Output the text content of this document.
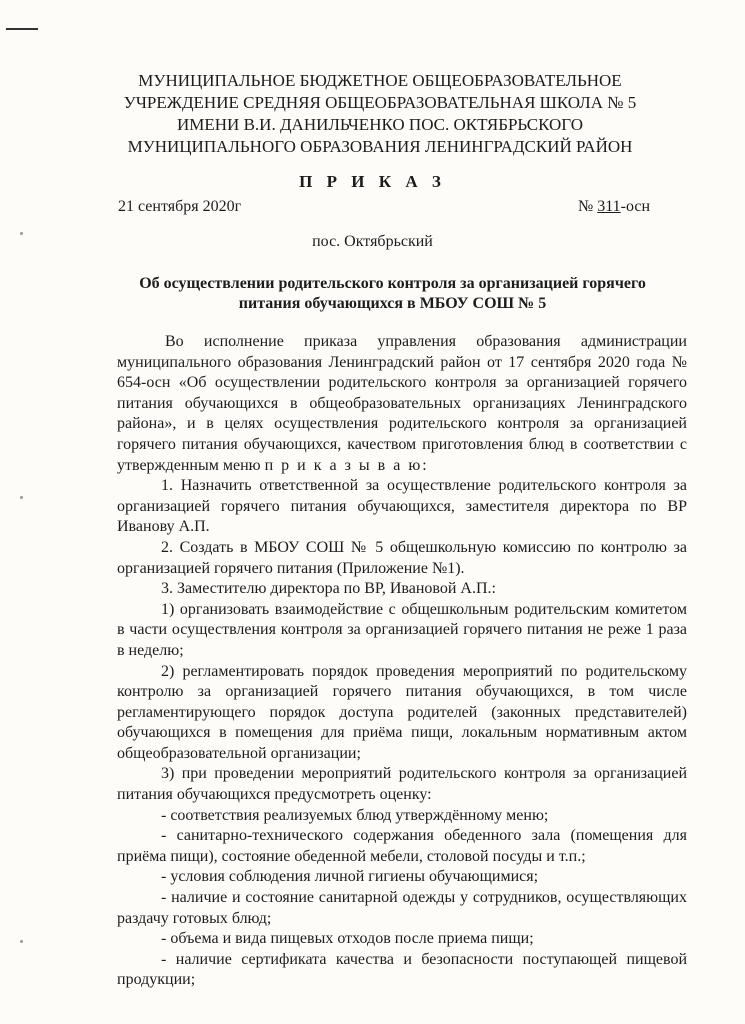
МУНИЦИПАЛЬНОЕ БЮДЖЕТНОЕ ОБЩЕОБРАЗОВАТЕЛЬНОЕ
УЧРЕЖДЕНИЕ СРЕДНЯЯ ОБЩЕОБРАЗОВАТЕЛЬНАЯ ШКОЛА № 5
ИМЕНИ В.И. ДАНИЛЬЧЕНКО ПОС. ОКТЯБРЬСКОГО
МУНИЦИПАЛЬНОГО ОБРАЗОВАНИЯ ЛЕНИНГРАДСКИЙ РАЙОН
П Р И К А З
21 сентября 2020г	№ 311-осн
пос. Октябрьский
Об осуществлении родительского контроля за организацией горячего
питания обучающихся в МБОУ СОШ № 5

Во исполнение приказа управления образования администрации муниципального образования Ленинградский район от 17 сентября 2020 года № 654-осн «Об осуществлении родительского контроля за организацией горячего питания обучающихся в общеобразовательных организациях Ленинградского района», и в целях осуществления родительского контроля за организацией горячего питания обучающихся, качеством приготовления блюд в соответствии с утвержденным меню п р и к а з ы в а ю:

1. Назначить ответственной за осуществление родительского контроля за организацией горячего питания обучающихся, заместителя директора по ВР Иванову А.П.

2. Создать в МБОУ СОШ № 5 общешкольную комиссию по контролю за организацией горячего питания (Приложение №1).

3. Заместителю директора по ВР, Ивановой А.П.:

1) организовать взаимодействие с общешкольным родительским комитетом в части осуществления контроля за организацией горячего питания не реже 1 раза в неделю;

2) регламентировать порядок проведения мероприятий по родительскому контролю за организацией горячего питания обучающихся, в том числе регламентирующего порядок доступа родителей (законных представителей) обучающихся в помещения для приёма пищи, локальным нормативным актом общеобразовательной организации;

3) при проведении мероприятий родительского контроля за организацией питания обучающихся предусмотреть оценку:

- соответствия реализуемых блюд утверждённому меню;

- санитарно-технического содержания обеденного зала (помещения для приёма пищи), состояние обеденной мебели, столовой посуды и т.п.;

- условия соблюдения личной гигиены обучающимися;

- наличие и состояние санитарной одежды у сотрудников, осуществляющих раздачу готовых блюд;

- объема и вида пищевых отходов после приема пищи;

- наличие сертификата качества и безопасности поступающей пищевой продукции;
